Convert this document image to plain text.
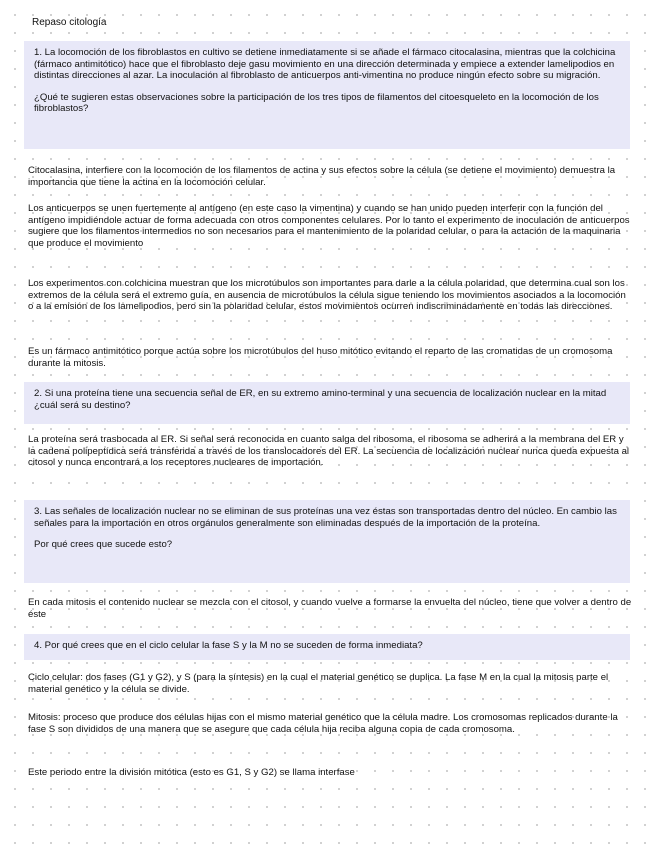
Repaso citología

1. La locomoción de los fibroblastos en cultivo se detiene inmediatamente si se añade el fármaco citocalasina, mientras que la colchicina (fármaco antimitótico) hace que el fibroblasto deje gasu movimiento en una dirección determinada y empiece a extender lamelipodios en distintas direcciones al azar. La inoculación al fibroblasto de anticuerpos anti-vimentina no produce ningún efecto sobre su migración.

¿Qué te sugieren estas observaciones sobre la participación de los tres tipos de filamentos del citoesqueleto en la locomoción de los fibroblastos?

Citocalasina, interfiere con la locomoción de los filamentos de actina y sus efectos sobre la célula (se detiene el movimiento) demuestra la importancia que tiene la actina en la locomoción celular.
Los anticuerpos se unen fuertemente al antígeno (en este caso la vimentina) y cuando se han unido pueden interferir con la función del antígeno impidiéndole actuar de forma adecuada con otros componentes celulares. Por lo tanto el experimento de inoculación de anticuerpos sugiere que los filamentos intermedios no son necesarios para el mantenimiento de la polaridad celular, o para la actación de la maquinaria que produce el movimiento
Los experimentos con colchicina muestran que los microtúbulos son importantes para darle a la célula polaridad, que determina cual son los extremos de la célula será el extremo guía, en ausencia de microtúbulos la célula sigue teniendo los movimientos asociados a la locomoción o a la emisión de los lamelipodios, pero sin la polaridad celular, estos movimientos ocurren indiscriminadamente en todas las direcciones.
Es un fármaco antimitótico porque actúa sobre los microtúbulos del huso mitótico evitando el reparto de las cromatidas de un cromosoma durante la mitosis.

2. Si una proteína tiene una secuencia señal de ER, en su extremo amino-terminal y una secuencia de localización nuclear en la mitad ¿cuál será su destino?

La proteína será trasbocada al ER. Si señal será reconocida en cuanto salga del ribosoma, el ribosoma se adherirá a la membrana del ER y la cadena polipeptídica será transferida a través de los translocadores del ER. La secuencia de localización nuclear nunca queda expuesta al citosol y nunca encontrará a los receptores nucleares de importación.

3. Las señales de localización nuclear no se eliminan de sus proteínas una vez éstas son transportadas dentro del núcleo. En cambio las señales para la importación en otros orgánulos generalmente son eliminadas después de la importación de la proteína.

Por qué crees que sucede esto?

En cada mitosis el contenido nuclear se mezcla con el citosol, y cuando vuelve a formarse la envuelta del núcleo, tiene que volver a dentro de éste

4. Por qué crees que en el ciclo celular la fase S y la M no se suceden de forma inmediata?

Ciclo celular: dos fases (G1 y G2), y S (para la síntesis) en la cual el material genético se duplica. La fase M en la cual la mitosis parte el material genético y la célula se divide.
Mitosis: proceso que produce dos células hijas con el mismo material genético que la célula madre. Los cromosomas replicados durante la fase S son divididos de una manera que se asegure que cada célula hija reciba alguna copia de cada cromosoma.
Este periodo entre la división mitótica (esto es G1, S y G2) se llama interfase
